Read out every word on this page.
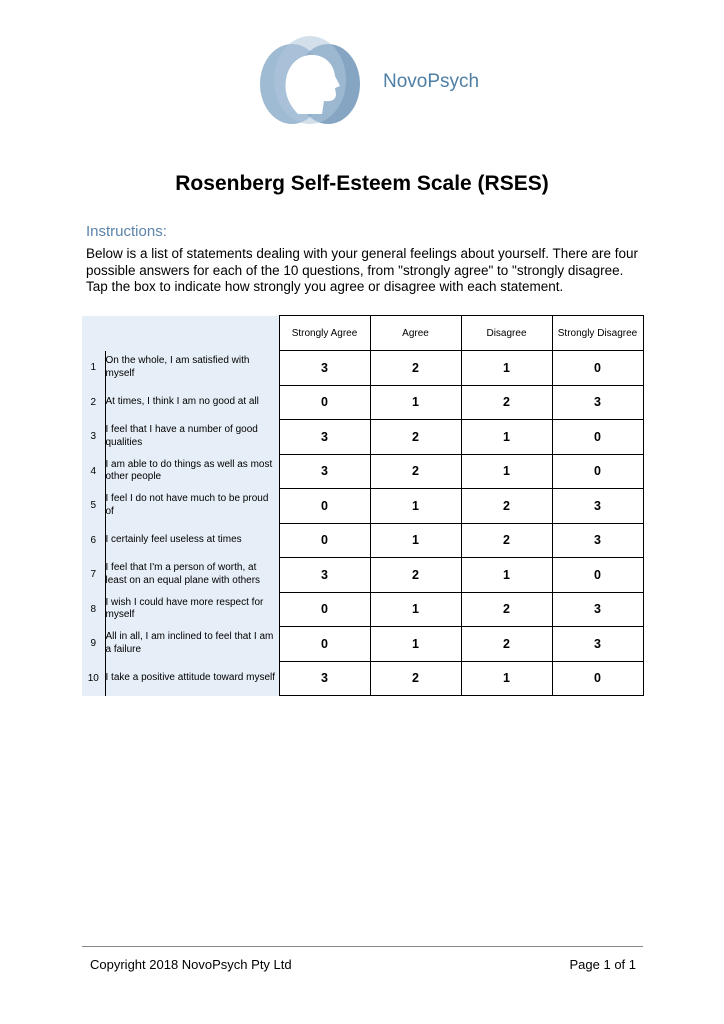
NovoPsych
Rosenberg Self-Esteem Scale (RSES)
Instructions:
Below is a list of statements dealing with your general feelings about yourself. There are four
possible answers for each of the 10 questions, from "strongly agree" to "strongly disagree.
Tap the box to indicate how strongly you agree or disagree with each statement.
		Strongly Agree	Agree	Disagree	Strongly Disagree
1	On the whole, I am satisfied with myself	3	2	1	0
2	At times, I think I am no good at all	0	1	2	3
3	I feel that I have a number of good qualities	3	2	1	0
4	I am able to do things as well as most other people	3	2	1	0
5	I feel I do not have much to be proud of	0	1	2	3
6	I certainly feel useless at times	0	1	2	3
7	I feel that I'm a person of worth, at least on an equal plane with others	3	2	1	0
8	I wish I could have more respect for myself	0	1	2	3
9	All in all, I am inclined to feel that I am a failure	0	1	2	3
10	I take a positive attitude toward myself	3	2	1	0
Copyright 2018 NovoPsych Pty Ltd	Page 1 of 1
